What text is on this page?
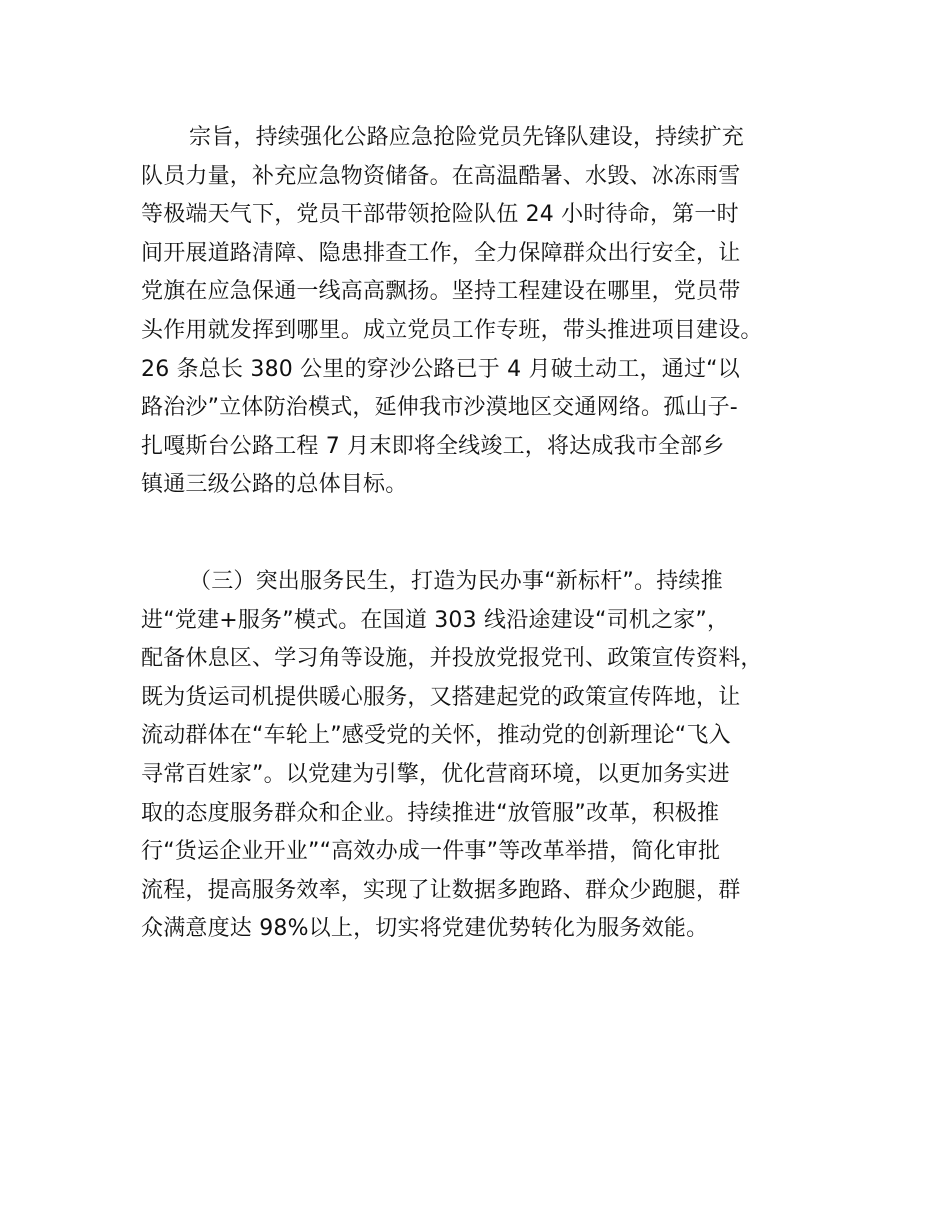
宗旨，持续强化公路应急抢险党员先锋队建设，持续扩充
队员力量，补充应急物资储备。在高温酷暑、水毁、冰冻雨雪
等极端天气下，党员干部带领抢险队伍 24 小时待命，第一时
间开展道路清障、隐患排查工作，全力保障群众出行安全，让
党旗在应急保通一线高高飘扬。坚持工程建设在哪里，党员带
头作用就发挥到哪里。成立党员工作专班，带头推进项目建设。
26 条总长 380 公里的穿沙公路已于 4 月破土动工，通过“以
路治沙”立体防治模式，延伸我市沙漠地区交通网络。孤山子-
扎嘎斯台公路工程 7 月末即将全线竣工，将达成我市全部乡
镇通三级公路的总体目标。
（三）突出服务民生，打造为民办事“新标杆”。持续推
进“党建+服务”模式。在国道 303 线沿途建设“司机之家”，
配备休息区、学习角等设施，并投放党报党刊、政策宣传资料，
既为货运司机提供暖心服务，又搭建起党的政策宣传阵地，让
流动群体在“车轮上”感受党的关怀，推动党的创新理论“飞入
寻常百姓家”。以党建为引擎，优化营商环境，以更加务实进
取的态度服务群众和企业。持续推进“放管服”改革，积极推
行“货运企业开业”“高效办成一件事”等改革举措，简化审批
流程，提高服务效率，实现了让数据多跑路、群众少跑腿，群
众满意度达 98%以上，切实将党建优势转化为服务效能。
